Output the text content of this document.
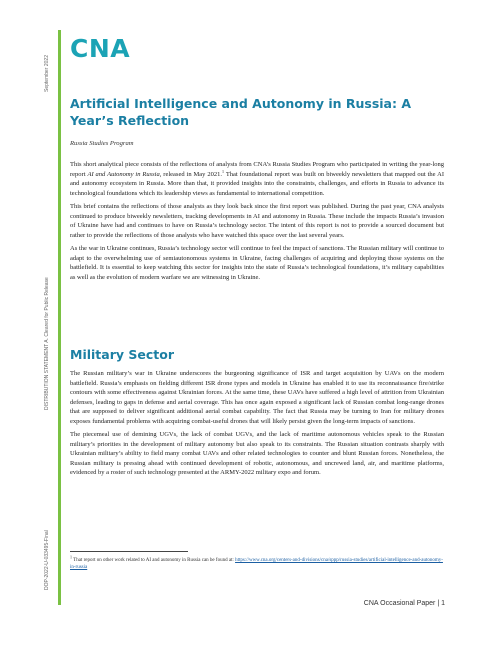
September 2022
DISTRIBUTION STATEMENT A. Cleared for Public Release
DOP-2022-U-033495-Final
CNA
Artificial Intelligence and Autonomy in Russia: A Year’s Reflection
Russia Studies Program

This short analytical piece consists of the reflections of analysts from CNA’s Russia Studies Program who participated in writing the year-long report AI and Autonomy in Russia, released in May 2021.$^1$ That foundational report was built on biweekly newsletters that mapped out the AI and autonomy ecosystem in Russia. More than that, it provided insights into the constraints, challenges, and efforts in Russia to advance its technological foundations which its leadership views as fundamental to international competition.

This brief contains the reflections of those analysts as they look back since the first report was published. During the past year, CNA analysts continued to produce biweekly newsletters, tracking developments in AI and autonomy in Russia. These include the impacts Russia’s invasion of Ukraine have had and continues to have on Russia’s technology sector. The intent of this report is not to provide a sourced document but rather to provide the reflections of those analysts who have watched this space over the last several years.

As the war in Ukraine continues, Russia’s technology sector will continue to feel the impact of sanctions. The Russian military will continue to adapt to the overwhelming use of semiautonomous systems in Ukraine, facing challenges of acquiring and deploying those systems on the battlefield. It is essential to keep watching this sector for insights into the state of Russia’s technological foundations, it’s military capabilities as well as the evolution of modern warfare we are witnessing in Ukraine.

Military Sector

The Russian military’s war in Ukraine underscores the burgeoning significance of ISR and target acquisition by UAVs on the modern battlefield. Russia’s emphasis on fielding different ISR drone types and models in Ukraine has enabled it to use its reconnaissance fire/strike contours with some effectiveness against Ukrainian forces. At the same time, these UAVs have suffered a high level of attrition from Ukrainian defenses, leading to gaps in defense and aerial coverage. This has once again exposed a significant lack of Russian combat long-range drones that are supposed to deliver significant additional aerial combat capability. The fact that Russia may be turning to Iran for military drones exposes fundamental problems with acquiring combat-useful drones that will likely persist given the long-term impacts of sanctions.

The piecemeal use of demining UGVs, the lack of combat UGVs, and the lack of maritime autonomous vehicles speak to the Russian military’s priorities in the development of military autonomy but also speak to its constraints. The Russian situation contrasts sharply with Ukrainian military’s ability to field many combat UAVs and other related technologies to counter and blunt Russian forces. Nonetheless, the Russian military is pressing ahead with continued development of robotic, autonomous, and uncrewed land, air, and maritime platforms, evidenced by a roster of such technology presented at the ARMY-2022 military expo and forum.

$^1$ That report on other work related to AI and autonomy in Russia can be found at: https://www.cna.org/centers-and-divisions/cna/sppp/russia-studies/artificial-intelligence-and-autonomy-in-russia
CNA Occasional Paper | 1
